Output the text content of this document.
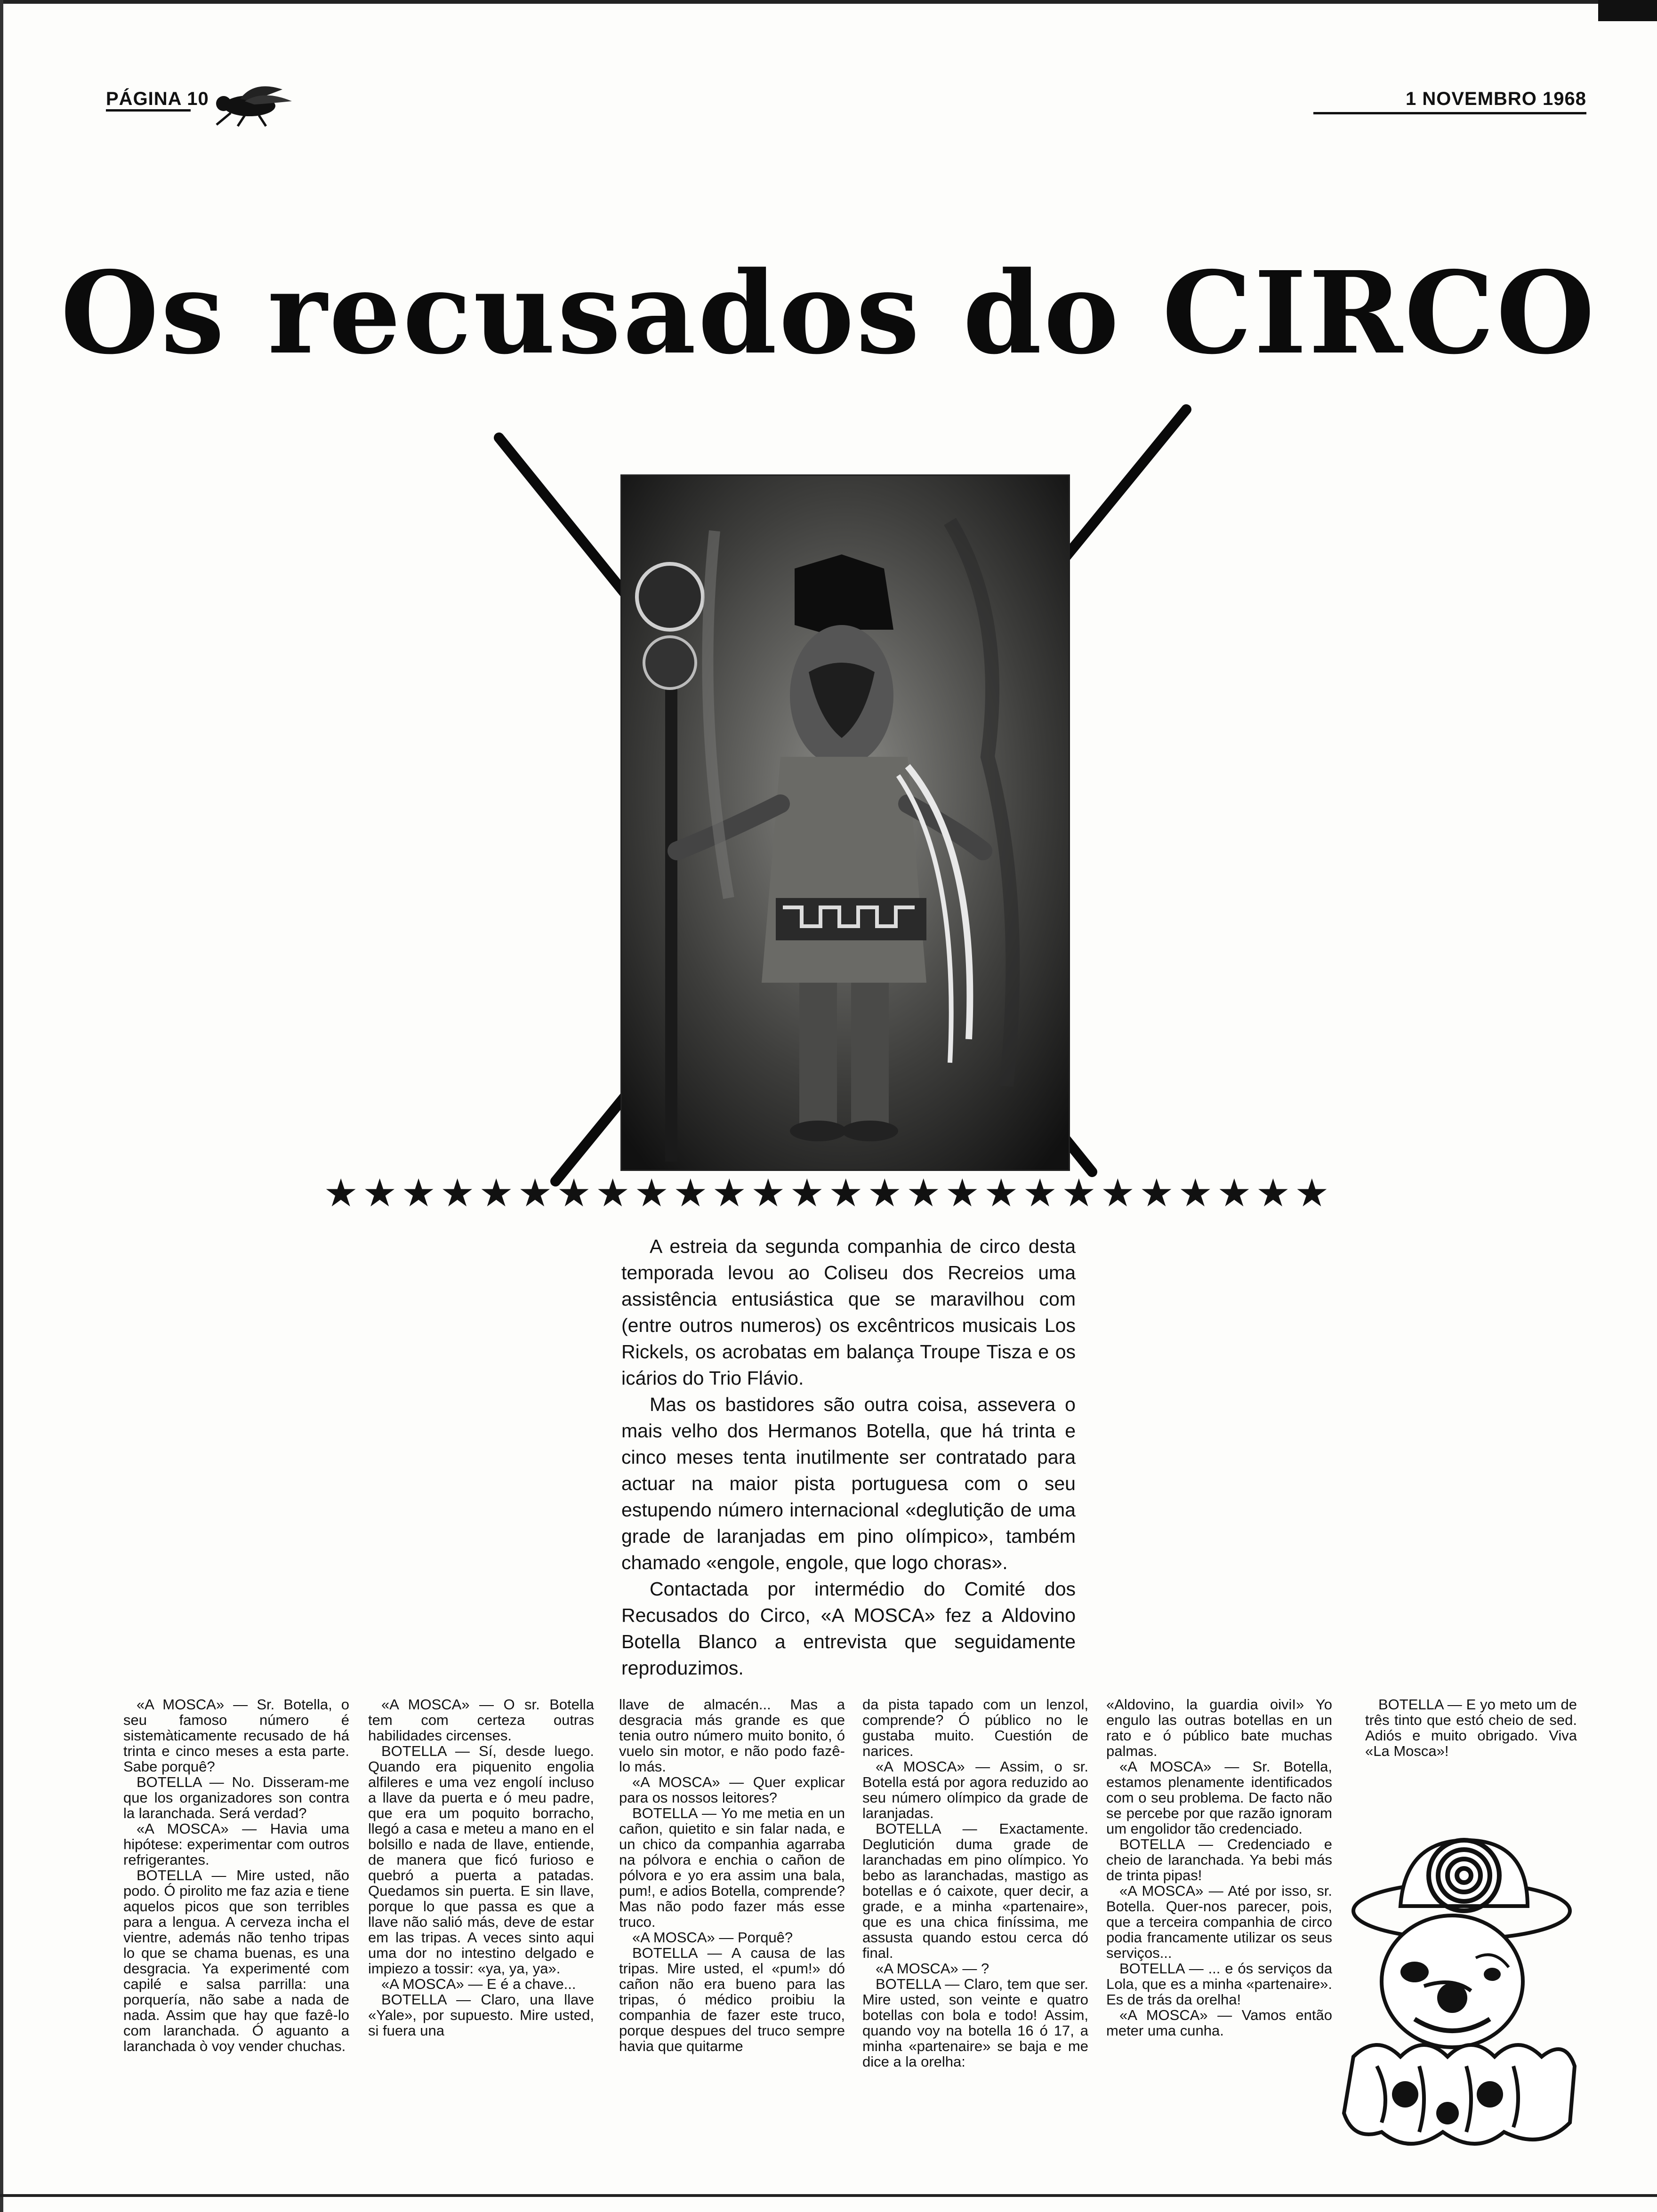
PÁGINA 10	1 NOVEMBRO 1968
Os recusados do CIRCO
★★★★★★★★★★★★★★★★★★★★★★★★★★

A estreia da segunda companhia de circo desta temporada levou ao Coliseu dos Recreios uma assistência entusiástica que se maravilhou com (entre outros numeros) os excêntricos musicais Los Rickels, os acrobatas em balança Troupe Tisza e os icários do Trio Flávio.

Mas os bastidores são outra coisa, assevera o mais velho dos Hermanos Botella, que há trinta e cinco meses tenta inutilmente ser contratado para actuar na maior pista portuguesa com o seu estupendo número internacional «deglutição de uma grade de laranjadas em pino olímpico», também chamado «engole, engole, que logo choras».

Contactada por intermédio do Comité dos Recusados do Circo, «A MOSCA» fez a Aldovino Botella Blanco a entrevista que seguidamente reproduzimos.

«A MOSCA» — Sr. Botella, o seu famoso número é sistemàticamente recusado de há trinta e cinco meses a esta parte. Sabe porquê?

BOTELLA — No. Disseram-me que los organizadores son contra la laranchada. Será verdad?

«A MOSCA» — Havia uma hipótese: experimentar com outros refrigerantes.

BOTELLA — Mire usted, não podo. Ó pirolito me faz azia e tiene aquelos picos que son terribles para a lengua. A cerveza incha el vientre, además não tenho tripas lo que se chama buenas, es una desgracia. Ya experimenté com capilé e salsa parrilla: una porquería, não sabe a nada de nada. Assim que hay que fazê-lo com laranchada. Ó aguanto a laranchada ò voy vender chuchas.

«A MOSCA» — O sr. Botella tem com certeza outras habilidades circenses.

BOTELLA — Sí, desde luego. Quando era piquenito engolia alfileres e uma vez engolí incluso a llave da puerta e ó meu padre, que era um poquito borracho, llegó a casa e meteu a mano en el bolsillo e nada de llave, entiende, de manera que ficó furioso e quebró a puerta a patadas. Quedamos sin puerta. E sin llave, porque lo que passa es que a llave não salió más, deve de estar em las tripas. A veces sinto aqui uma dor no intestino delgado e impiezo a tossir: «ya, ya, ya».

«A MOSCA» — E é a chave...

BOTELLA — Claro, una llave «Yale», por supuesto. Mire usted, si fuera una

llave de almacén... Mas a desgracia más grande es que tenia outro número muito bonito, ó vuelo sin motor, e não podo fazê-lo más.

«A MOSCA» — Quer explicar para os nossos leitores?

BOTELLA — Yo me metia en un cañon, quietito e sin falar nada, e un chico da companhia agarraba na pólvora e enchia o cañon de pólvora e yo era assim una bala, pum!, e adios Botella, comprende? Mas não podo fazer más esse truco.

«A MOSCA» — Porquê?

BOTELLA — A causa de las tripas. Mire usted, el «pum!» dó cañon não era bueno para las tripas, ó médico proibiu la companhia de fazer este truco, porque despues del truco sempre havia que quitarme

da pista tapado com un lenzol, comprende? Ó público no le gustaba muito. Cuestión de narices.

«A MOSCA» — Assim, o sr. Botella está por agora reduzido ao seu número olímpico da grade de laranjadas.

BOTELLA — Exactamente. Deglutición duma grade de laranchadas em pino olímpico. Yo bebo as laranchadas, mastigo as botellas e ó caixote, quer decir, a grade, e a minha «partenaire», que es una chica finíssima, me assusta quando estou cerca dó final.

«A MOSCA» — ?

BOTELLA — Claro, tem que ser. Mire usted, son veinte e quatro botellas con bola e todo! Assim, quando voy na botella 16 ó 17, a minha «partenaire» se baja e me dice a la orelha:

«Aldovino, la guardia oiviI» Yo engulo las outras botellas en un rato e ó público bate muchas palmas.

«A MOSCA» — Sr. Botella, estamos plenamente identificados com o seu problema. De facto não se percebe por que razão ignoram um engolidor tão credenciado.

BOTELLA — Credenciado e cheio de laranchada. Ya bebi más de trinta pipas!

«A MOSCA» — Até por isso, sr. Botella. Quer-nos parecer, pois, que a terceira companhia de circo podia francamente utilizar os seus serviços...

BOTELLA — ... e ós serviços da Lola, que es a minha «partenaire». Es de trás da orelha!

«A MOSCA» — Vamos então meter uma cunha.

BOTELLA — E yo meto um de três tinto que estó cheio de sed. Adiós e muito obrigado. Viva «La Mosca»!
